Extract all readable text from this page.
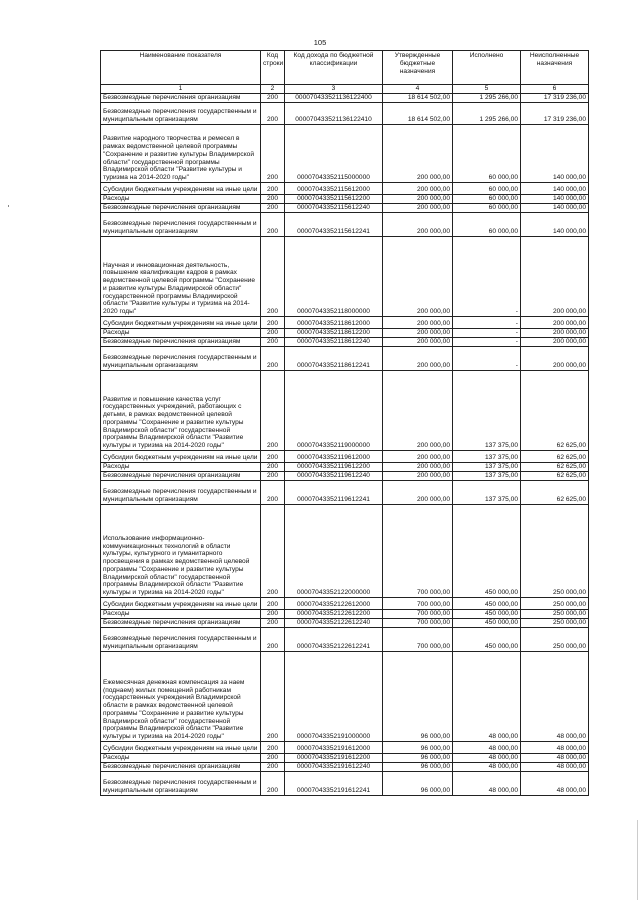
105
Наименование показателя	Код строки	Код дохода по бюджетной классификации	Утвержденные бюджетные назначения	Исполнено	Неисполненные назначения
1	2	3	4	5	6
Безвозмездные перечисления организациям	200	000070433521136122400	18 614 502,00	1 295 266,00	17 319 236,00
Безвозмездные перечисления государственным и муниципальным организациям	200	000070433521136122410	18 614 502,00	1 295 266,00	17 319 236,00
Развитие народного творчества и ремесел в рамках ведомственной целевой программы "Сохранение и развитие культуры Владимирской области" государственной программы Владимирской области "Развитие культуры и туризма на 2014-2020 годы"	200	00007043352115000000	200 000,00	60 000,00	140 000,00
Субсидии бюджетным учреждениям на иные цели	200	00007043352115612000	200 000,00	60 000,00	140 000,00
Расходы	200	00007043352115612200	200 000,00	60 000,00	140 000,00
Безвозмездные перечисления организациям	200	00007043352115612240	200 000,00	60 000,00	140 000,00
Безвозмездные перечисления государственным и муниципальным организациям	200	00007043352115612241	200 000,00	60 000,00	140 000,00
Научная и инновационная деятельность, повышение квалификации кадров в рамках ведомственной целевой программы "Сохранение и развитие культуры Владимирской области" государственной программы Владимирской области "Развитие культуры и туризма на 2014-2020 годы"	200	00007043352118000000	200 000,00	-	200 000,00
Субсидии бюджетным учреждениям на иные цели	200	00007043352118612000	200 000,00	-	200 000,00
Расходы	200	00007043352118612200	200 000,00	-	200 000,00
Безвозмездные перечисления организациям	200	00007043352118612240	200 000,00	-	200 000,00
Безвозмездные перечисления государственным и муниципальным организациям	200	00007043352118612241	200 000,00	-	200 000,00
Развитие и повышение качества услуг государственных учреждений, работающих с детьми, в рамках ведомственной целевой программы "Сохранение и развитие культуры Владимирской области" государственной программы Владимирской области "Развитие культуры и туризма на 2014-2020 годы"	200	00007043352119000000	200 000,00	137 375,00	62 625,00
Субсидии бюджетным учреждениям на иные цели	200	00007043352119612000	200 000,00	137 375,00	62 625,00
Расходы	200	00007043352119612200	200 000,00	137 375,00	62 625,00
Безвозмездные перечисления организациям	200	00007043352119612240	200 000,00	137 375,00	62 625,00
Безвозмездные перечисления государственным и муниципальным организациям	200	00007043352119612241	200 000,00	137 375,00	62 625,00
Использование информационно-коммуникационных технологий в области культуры, культурного и гуманитарного просвещения в рамках ведомственной целевой программы "Сохранение и развитие культуры Владимирской области" государственной программы Владимирской области "Развитие культуры и туризма на 2014-2020 годы"	200	00007043352122000000	700 000,00	450 000,00	250 000,00
Субсидии бюджетным учреждениям на иные цели	200	00007043352122612000	700 000,00	450 000,00	250 000,00
Расходы	200	00007043352122612200	700 000,00	450 000,00	250 000,00
Безвозмездные перечисления организациям	200	00007043352122612240	700 000,00	450 000,00	250 000,00
Безвозмездные перечисления государственным и муниципальным организациям	200	00007043352122612241	700 000,00	450 000,00	250 000,00
Ежемесячная денежная компенсация за наем (поднаем) жилых помещений работникам государственных учреждений Владимирской области в рамках ведомственной целевой программы "Сохранение и развитие культуры Владимирской области" государственной программы Владимирской области "Развитие культуры и туризма на 2014-2020 годы"	200	00007043352191000000	96 000,00	48 000,00	48 000,00
Субсидии бюджетным учреждениям на иные цели	200	00007043352191612000	96 000,00	48 000,00	48 000,00
Расходы	200	00007043352191612200	96 000,00	48 000,00	48 000,00
Безвозмездные перечисления организациям	200	00007043352191612240	96 000,00	48 000,00	48 000,00
Безвозмездные перечисления государственным и муниципальным организациям	200	00007043352191612241	96 000,00	48 000,00	48 000,00
